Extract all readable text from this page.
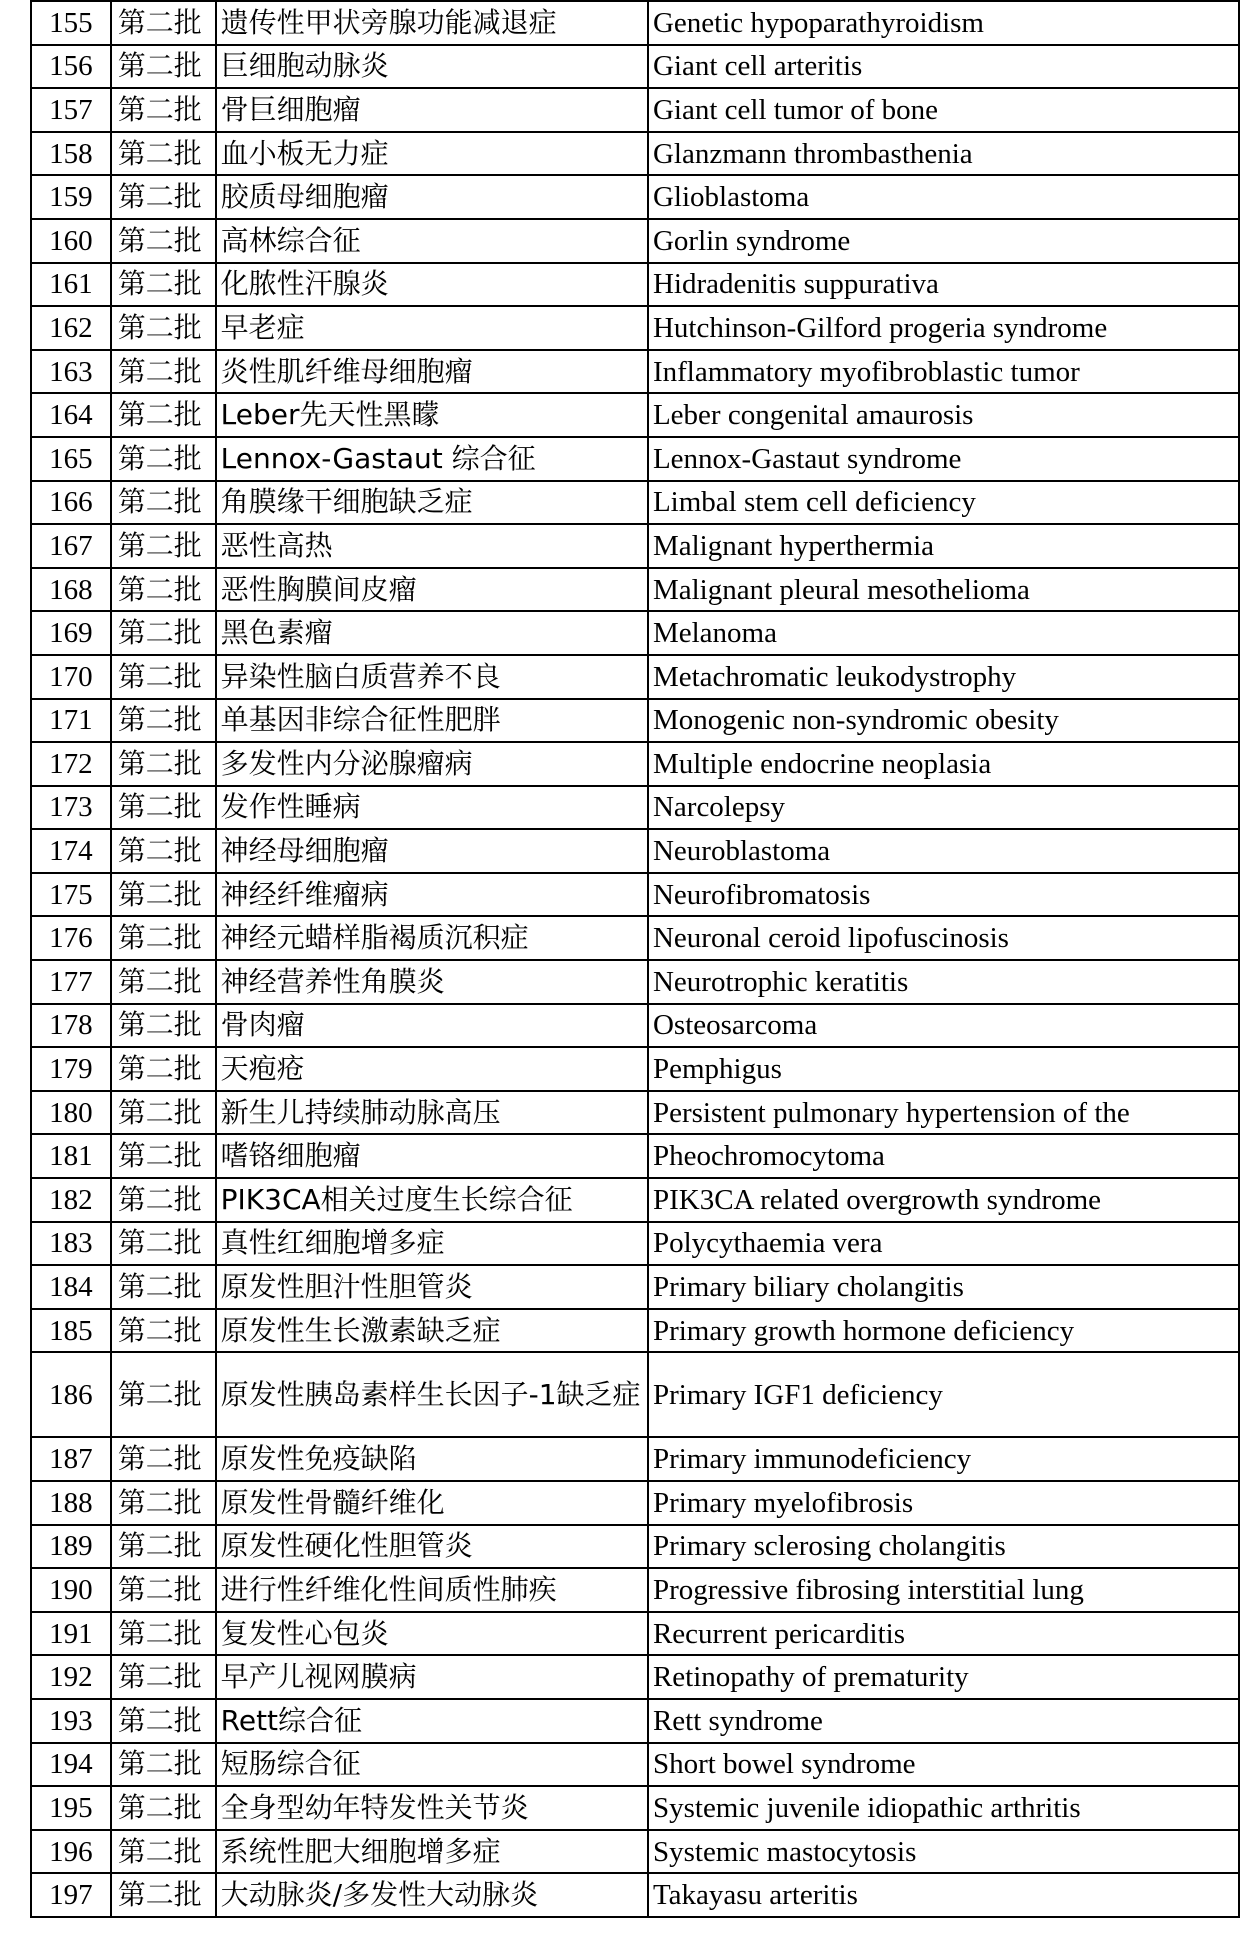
155	第二批	遗传性甲状旁腺功能减退症	Genetic hypoparathyroidism
156	第二批	巨细胞动脉炎	Giant cell arteritis
157	第二批	骨巨细胞瘤	Giant cell tumor of bone
158	第二批	血小板无力症	Glanzmann thrombasthenia
159	第二批	胶质母细胞瘤	Glioblastoma
160	第二批	高林综合征	Gorlin syndrome
161	第二批	化脓性汗腺炎	Hidradenitis suppurativa
162	第二批	早老症	Hutchinson-Gilford progeria syndrome
163	第二批	炎性肌纤维母细胞瘤	Inflammatory myofibroblastic tumor
164	第二批	Leber先天性黑矇	Leber congenital amaurosis
165	第二批	Lennox-Gastaut 综合征	Lennox-Gastaut syndrome
166	第二批	角膜缘干细胞缺乏症	Limbal stem cell deficiency
167	第二批	恶性高热	Malignant hyperthermia
168	第二批	恶性胸膜间皮瘤	Malignant pleural mesothelioma
169	第二批	黑色素瘤	Melanoma
170	第二批	异染性脑白质营养不良	Metachromatic leukodystrophy
171	第二批	单基因非综合征性肥胖	Monogenic non-syndromic obesity
172	第二批	多发性内分泌腺瘤病	Multiple endocrine neoplasia
173	第二批	发作性睡病	Narcolepsy
174	第二批	神经母细胞瘤	Neuroblastoma
175	第二批	神经纤维瘤病	Neurofibromatosis
176	第二批	神经元蜡样脂褐质沉积症	Neuronal ceroid lipofuscinosis
177	第二批	神经营养性角膜炎	Neurotrophic keratitis
178	第二批	骨肉瘤	Osteosarcoma
179	第二批	天疱疮	Pemphigus
180	第二批	新生儿持续肺动脉高压	Persistent pulmonary hypertension of the
181	第二批	嗜铬细胞瘤	Pheochromocytoma
182	第二批	PIK3CA相关过度生长综合征	PIK3CA related overgrowth syndrome
183	第二批	真性红细胞增多症	Polycythaemia vera
184	第二批	原发性胆汁性胆管炎	Primary biliary cholangitis
185	第二批	原发性生长激素缺乏症	Primary growth hormone deficiency
186	第二批	原发性胰岛素样生长因子-1缺乏症	Primary IGF1 deficiency
187	第二批	原发性免疫缺陷	Primary immunodeficiency
188	第二批	原发性骨髓纤维化	Primary myelofibrosis
189	第二批	原发性硬化性胆管炎	Primary sclerosing cholangitis
190	第二批	进行性纤维化性间质性肺疾	Progressive fibrosing interstitial lung
191	第二批	复发性心包炎	Recurrent pericarditis
192	第二批	早产儿视网膜病	Retinopathy of prematurity
193	第二批	Rett综合征	Rett syndrome
194	第二批	短肠综合征	Short bowel syndrome
195	第二批	全身型幼年特发性关节炎	Systemic juvenile idiopathic arthritis
196	第二批	系统性肥大细胞增多症	Systemic mastocytosis
197	第二批	大动脉炎/多发性大动脉炎	Takayasu arteritis
